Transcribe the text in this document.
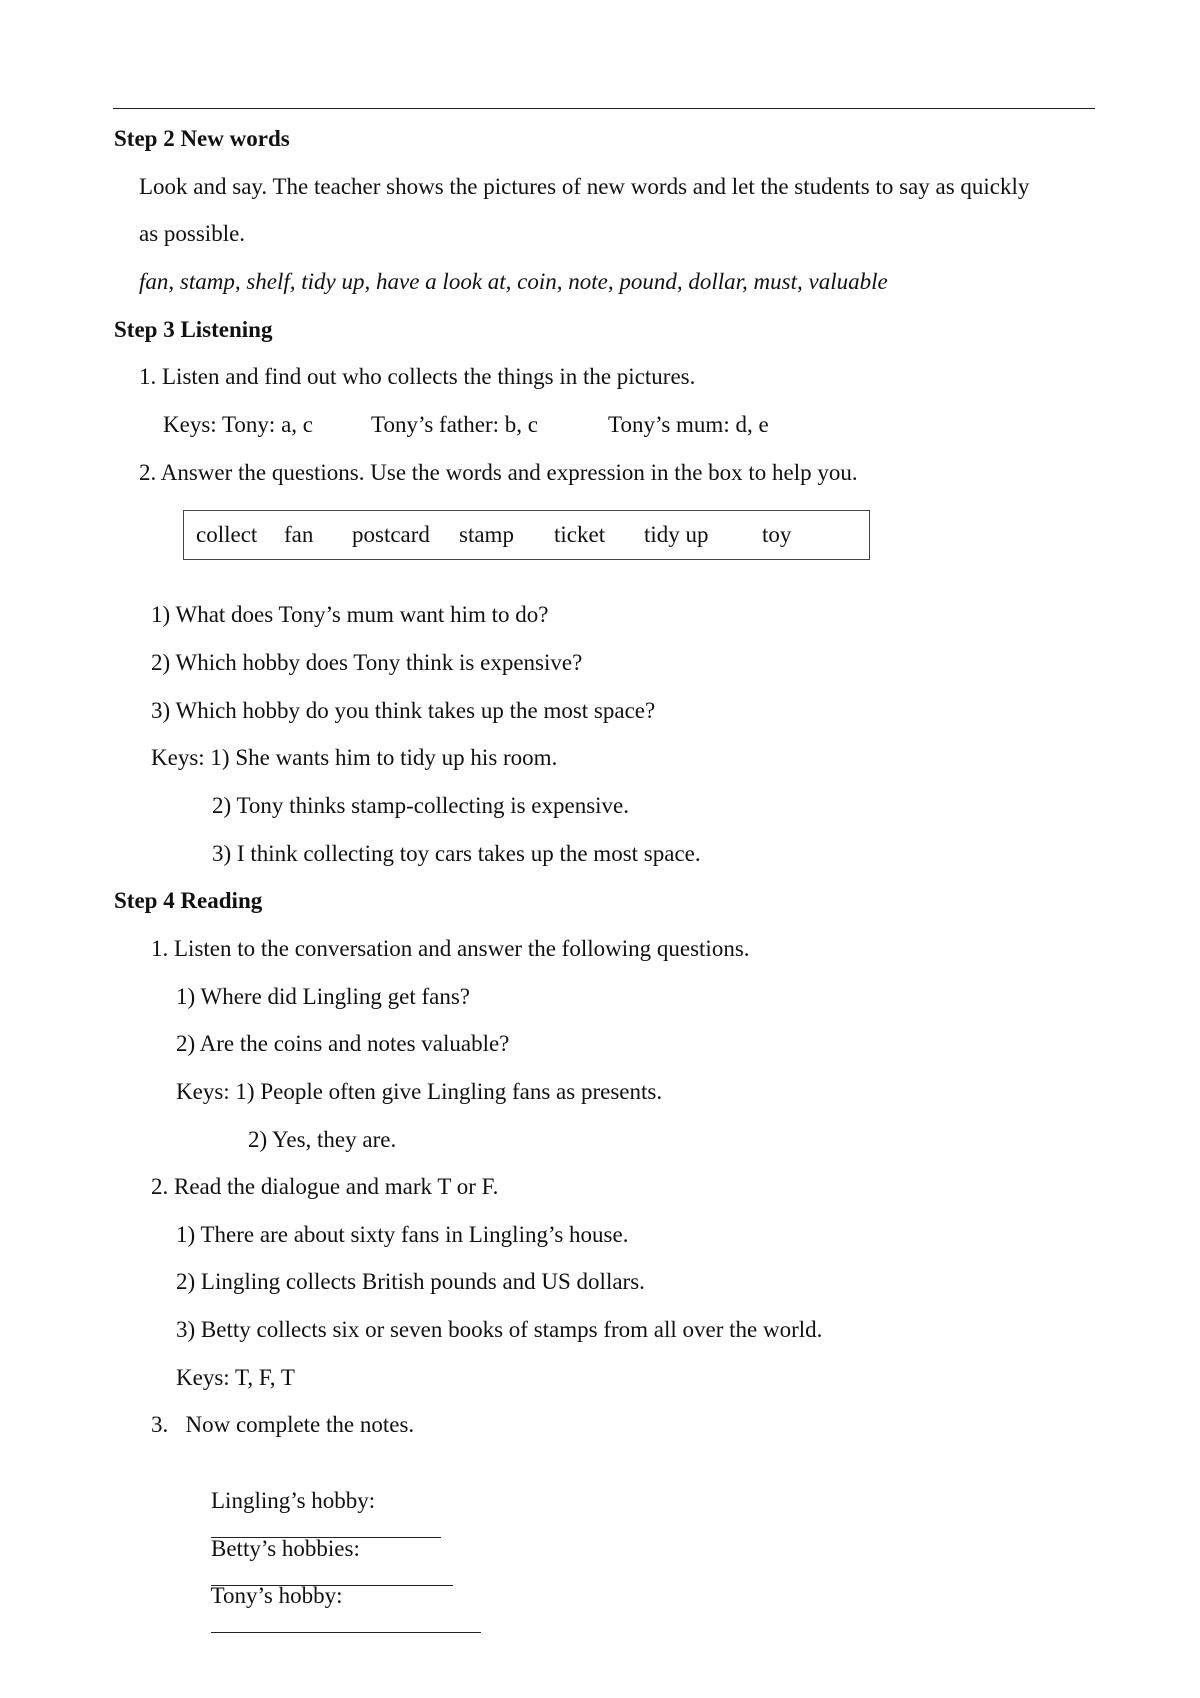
Step 2 New words
Look and say. The teacher shows the pictures of new words and let the students to say as quickly
as possible.
fan, stamp, shelf, tidy up, have a look at, coin, note, pound, dollar, must, valuable
Step 3 Listening
1. Listen and find out who collects the things in the pictures.
Keys: Tony: a, c	Tony’s father: b, c	Tony’s mum: d, e
2. Answer the questions. Use the words and expression in the box to help you.
collect fan postcard stamp ticket tidy up toy
1) What does Tony’s mum want him to do?
2) Which hobby does Tony think is expensive?
3) Which hobby do you think takes up the most space?
Keys: 1) She wants him to tidy up his room.
2) Tony thinks stamp-collecting is expensive.
3) I think collecting toy cars takes up the most space.
Step 4 Reading
1. Listen to the conversation and answer the following questions.
1) Where did Lingling get fans?
2) Are the coins and notes valuable?
Keys: 1) People often give Lingling fans as presents.
2) Yes, they are.
2. Read the dialogue and mark T or F.
1) There are about sixty fans in Lingling’s house.
2) Lingling collects British pounds and US dollars.
3) Betty collects six or seven books of stamps from all over the world.
Keys: T, F, T
3.   Now complete the notes.

Lingling’s hobby:

Betty’s hobbies:

Tony’s hobby:
